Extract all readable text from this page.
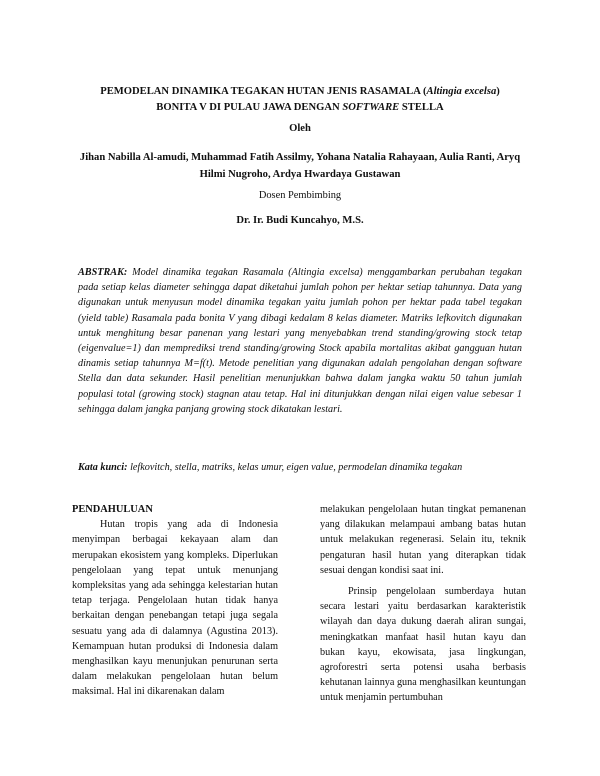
PEMODELAN DINAMIKA TEGAKAN HUTAN JENIS RASAMALA (Altingia excelsa)
BONITA V DI PULAU JAWA DENGAN SOFTWARE STELLA
Oleh
Jihan Nabilla Al-amudi, Muhammad Fatih Assilmy, Yohana Natalia Rahayaan, Aulia Ranti, Aryq Hilmi Nugroho, Ardya Hwardaya Gustawan
Dosen Pembimbing
Dr. Ir. Budi Kuncahyo, M.S.

ABSTRAK: Model dinamika tegakan Rasamala (Altingia excelsa) menggambarkan perubahan tegakan pada setiap kelas diameter sehingga dapat diketahui jumlah pohon per hektar setiap tahunnya. Data yang digunakan untuk menyusun model dinamika tegakan yaitu jumlah pohon per hektar pada tabel tegakan (yield table) Rasamala pada bonita V yang dibagi kedalam 8 kelas diameter. Matriks lefkovitch digunakan untuk menghitung besar panenan yang lestari yang menyebabkan trend standing/growing stock tetap (eigenvalue=1) dan memprediksi trend standing/growing Stock apabila mortalitas akibat gangguan hutan dinamis setiap tahunnya M=f(t). Metode penelitian yang digunakan adalah pengolahan dengan software Stella dan data sekunder. Hasil penelitian menunjukkan bahwa dalam jangka waktu 50 tahun jumlah populasi total (growing stock) stagnan atau tetap. Hal ini ditunjukkan dengan nilai eigen value sebesar 1 sehingga dalam jangka panjang growing stock dikatakan lestari.

Kata kunci: lefkovitch, stella, matriks, kelas umur, eigen value, permodelan dinamika tegakan

PENDAHULUAN

Hutan tropis yang ada di Indonesia menyimpan berbagai kekayaan alam dan merupakan ekosistem yang kompleks. Diperlukan pengelolaan yang tepat untuk menunjang kompleksitas yang ada sehingga kelestarian hutan tetap terjaga. Pengelolaan hutan tidak hanya berkaitan dengan penebangan tetapi juga segala sesuatu yang ada di dalamnya (Agustina 2013). Kemampuan hutan produksi di Indonesia dalam menghasilkan kayu menunjukan penurunan serta dalam melakukan pengelolaan hutan belum maksimal. Hal ini dikarenakan dalam

melakukan pengelolaan hutan tingkat pemanenan yang dilakukan melampaui ambang batas hutan untuk melakukan regenerasi. Selain itu, teknik pengaturan hasil hutan yang diterapkan tidak sesuai dengan kondisi saat ini.

Prinsip pengelolaan sumberdaya hutan secara lestari yaitu berdasarkan karakteristik wilayah dan daya dukung daerah aliran sungai, meningkatkan manfaat hasil hutan kayu dan bukan kayu, ekowisata, jasa lingkungan, agroforestri serta potensi usaha berbasis kehutanan lainnya guna menghasilkan keuntungan untuk menjamin pertumbuhan
